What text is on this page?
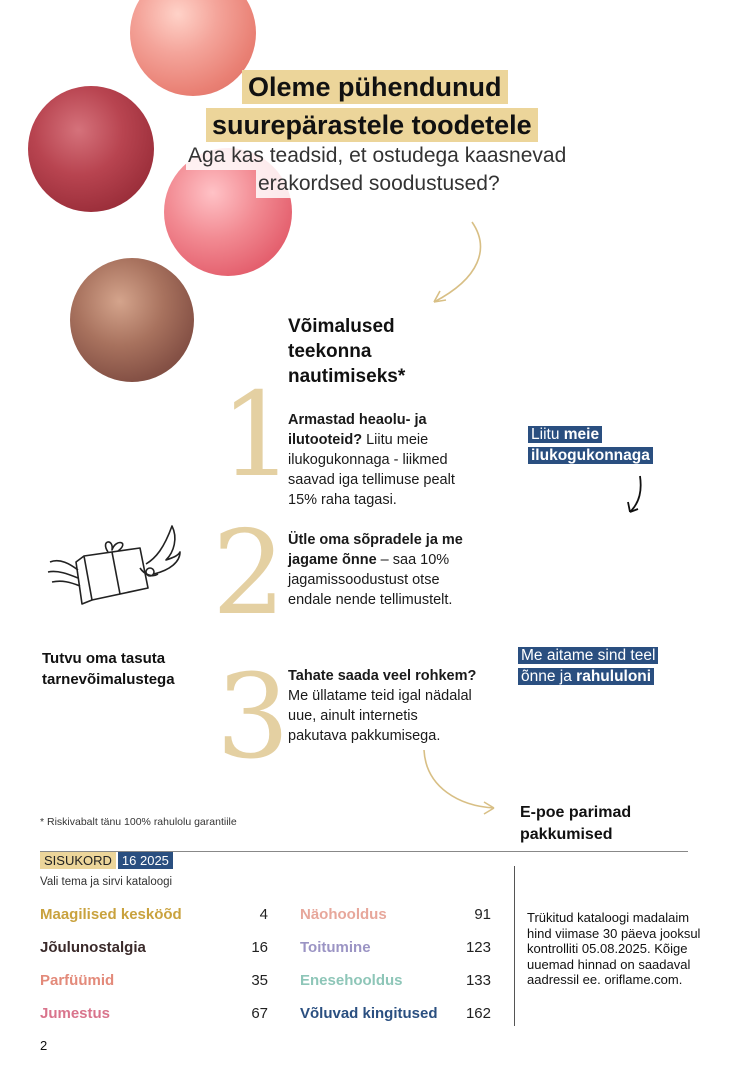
Oleme pühendunud
suurepärastele toodetele
Aga kas teadsid, et ostudega kaasnevad
erakordsed soodustused?
Võimalused teekonna nautimiseks*
1
2
3
Armastad heaolu- ja ilutooteid? Liitu meie ilukogukonnaga - liikmed saavad iga tellimuse pealt 15% raha tagasi.
Ütle oma sõpradele ja me jagame õnne – saa 10% jagamissoodustust otse endale nende tellimustelt.
Tahate saada veel rohkem? Me üllatame teid igal nädalal uue, ainult internetis pakutava pakkumisega.
Liitu meie
ilukogukonnaga
Me aitame sind teel
õnne ja rahululoni
Tutvu oma tasuta tarnevõimalustega
E-poe parimad pakkumised
* Riskivabalt tänu 100% rahulolu garantiile
SISUKORD 16 2025
Vali tema ja sirvi kataloogi
Maagilised kesköõd	4
Jõulunostalgia	16
Parfüümid	35
Jumestus	67
Näohooldus	91
Toitumine	123
Enesehooldus	133
Võluvad kingitused	162
Trükitud kataloogi madalaim hind viimase 30 päeva jooksul kontrolliti 05.08.2025. Kõige uuemad hinnad on saadaval aadressil ee. oriflame.com.
2
